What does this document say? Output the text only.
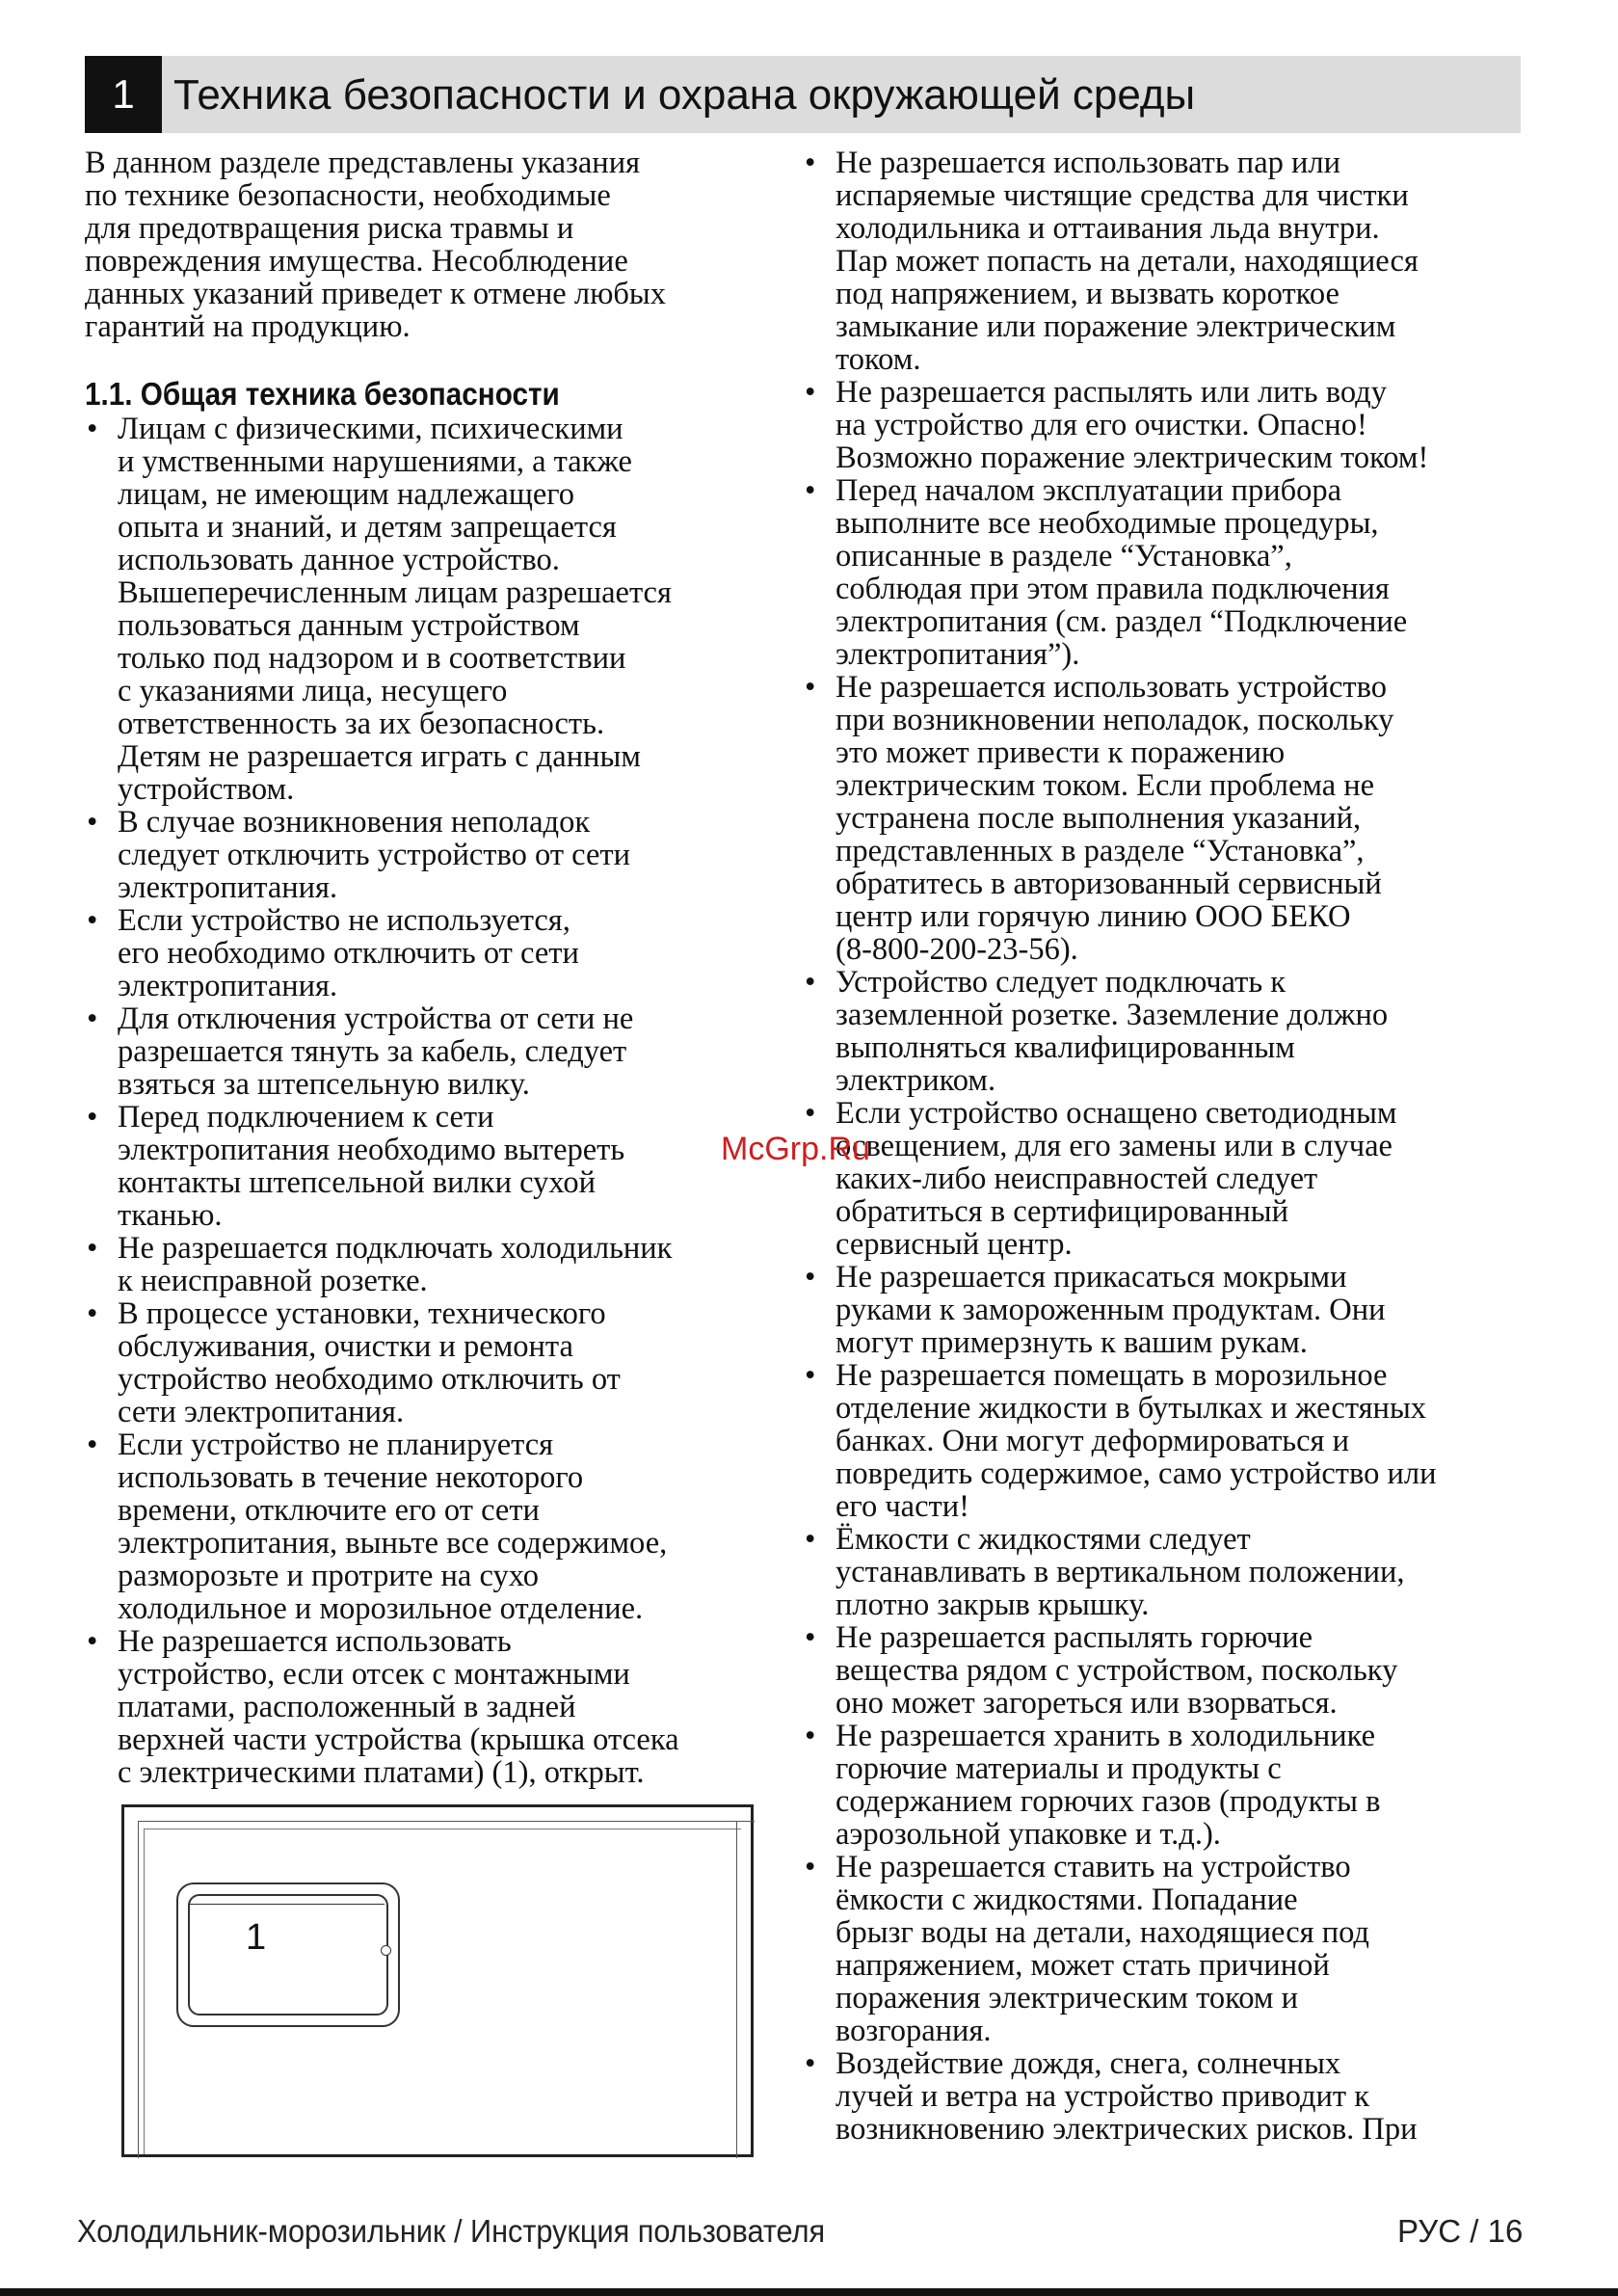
1 Техника безопасности и охрана окружающей среды

В данном разделе представлены указания
по технике безопасности, необходимые
для предотвращения риска травмы и
повреждения имущества. Несоблюдение
данных указаний приведет к отмене любых
гарантий на продукцию.

1.1. Общая техника безопасности
• Лицам с физическими, психическими
и умственными нарушениями, а также
лицам, не имеющим надлежащего
опыта и знаний, и детям запрещается
использовать данное устройство.
Вышеперечисленным лицам разрешается
пользоваться данным устройством
только под надзором и в соответствии
с указаниями лица, несущего
ответственность за их безопасность.
Детям не разрешается играть с данным
устройством.
• В случае возникновения неполадок
следует отключить устройство от сети
электропитания.
• Если устройство не используется,
его необходимо отключить от сети
электропитания.
• Для отключения устройства от сети не
разрешается тянуть за кабель, следует
взяться за штепсельную вилку.
• Перед подключением к сети
электропитания необходимо вытереть
контакты штепсельной вилки сухой
тканью.
• Не разрешается подключать холодильник
к неисправной розетке.
• В процессе установки, технического
обслуживания, очистки и ремонта
устройство необходимо отключить от
сети электропитания.
• Если устройство не планируется
использовать в течение некоторого
времени, отключите его от сети
электропитания, выньте все содержимое,
разморозьте и протрите на сухо
холодильное и морозильное отделение.
• Не разрешается использовать
устройство, если отсек с монтажными
платами, расположенный в задней
верхней части устройства (крышка отсека
с электрическими платами) (1), открыт.
1
• Не разрешается использовать пар или
испаряемые чистящие средства для чистки
холодильника и оттаивания льда внутри.
Пар может попасть на детали, находящиеся
под напряжением, и вызвать короткое
замыкание или поражение электрическим
током.
• Не разрешается распылять или лить воду
на устройство для его очистки. Опасно!
Возможно поражение электрическим током!
• Перед началом эксплуатации прибора
выполните все необходимые процедуры,
описанные в разделе “Установка”,
соблюдая при этом правила подключения
электропитания (см. раздел “Подключение
электропитания”).
• Не разрешается использовать устройство
при возникновении неполадок, поскольку
это может привести к поражению
электрическим током. Если проблема не
устранена после выполнения указаний,
представленных в разделе “Установка”,
обратитесь в авторизованный сервисный
центр или горячую линию ООО БЕКО
(8-800-200-23-56).
• Устройство следует подключать к
заземленной розетке. Заземление должно
выполняться квалифицированным
электриком.
• Если устройство оснащено светодиодным
освещением, для его замены или в случае
каких-либо неисправностей следует
обратиться в сертифицированный
сервисный центр.
• Не разрешается прикасаться мокрыми
руками к замороженным продуктам. Они
могут примерзнуть к вашим рукам.
• Не разрешается помещать в морозильное
отделение жидкости в бутылках и жестяных
банках. Они могут деформироваться и
повредить содержимое, само устройство или
его части!
• Ёмкости с жидкостями следует
устанавливать в вертикальном положении,
плотно закрыв крышку.
• Не разрешается распылять горючие
вещества рядом с устройством, поскольку
оно может загореться или взорваться.
• Не разрешается хранить в холодильнике
горючие материалы и продукты с
содержанием горючих газов (продукты в
аэрозольной упаковке и т.д.).
• Не разрешается ставить на устройство
ёмкости с жидкостями. Попадание
брызг воды на детали, находящиеся под
напряжением, может стать причиной
поражения электрическим током и
возгорания.
• Воздействие дождя, снега, солнечных
лучей и ветра на устройство приводит к
возникновению электрических рисков. При
McGrp.Ru
Холодильник-морозильник / Инструкция пользователя	РУС / 16
